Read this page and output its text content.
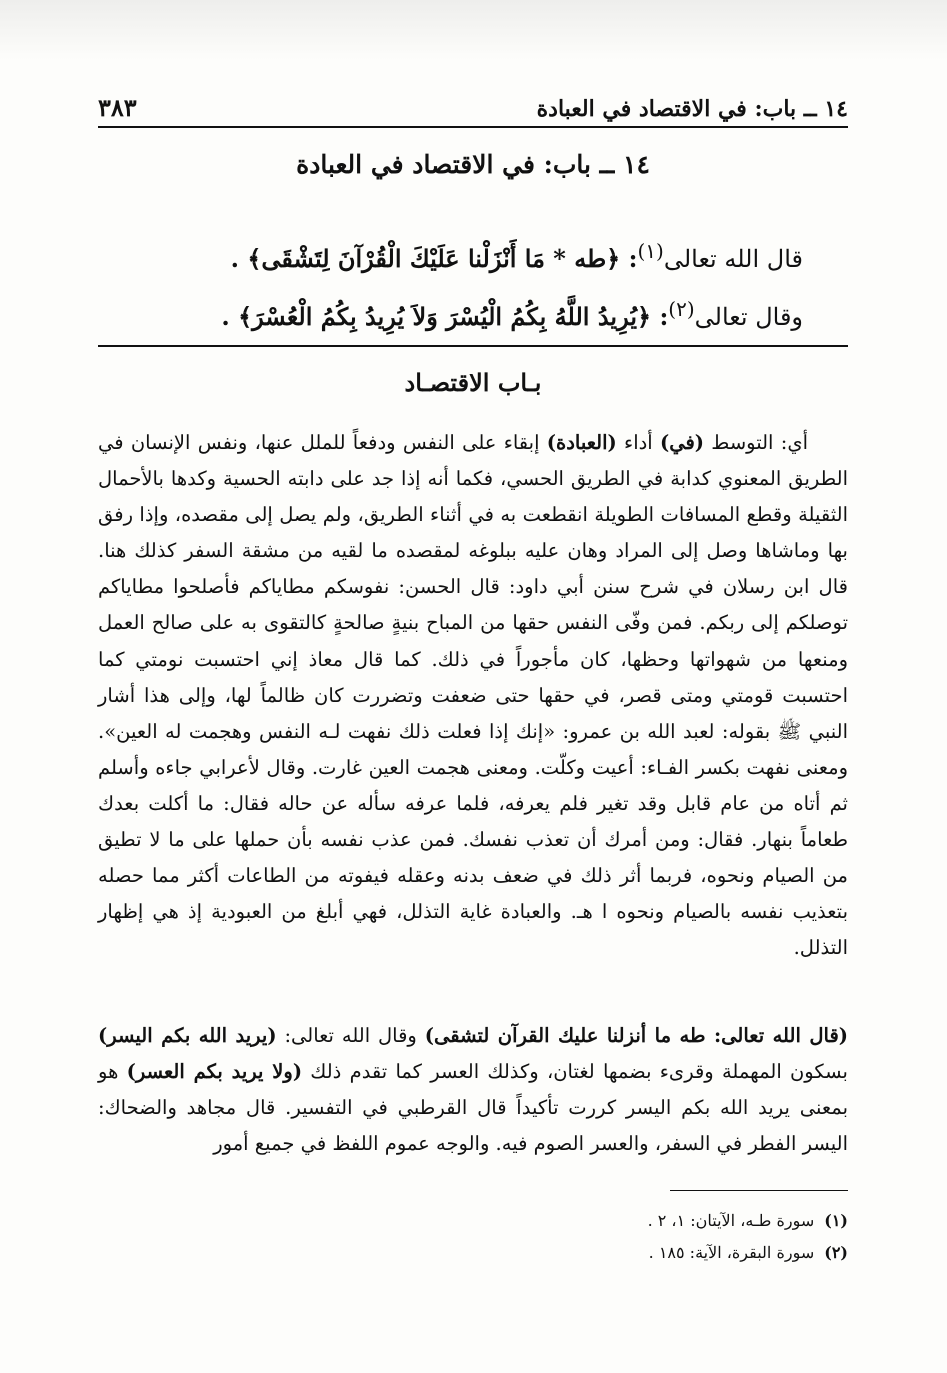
١٤ ــ باب: في الاقتصاد في العبادة
٣٨٣
١٤ ــ باب: في الاقتصاد في العبادة
قال الله تعالى$^{(١)}$: ﴿طه * مَا أَنْزَلْنا عَلَيْكَ الْقُرْآنَ لِتَشْقَى﴾ .
وقال تعالى$^{(٢)}$: ﴿يُرِيدُ اللَّهُ بِكُمُ الْيُسْرَ وَلاَ يُرِيدُ بِكُمُ الْعُسْرَ﴾ .
بـاب الاقتصـاد

أي: التوسط (في) أداء (العبادة) إبقاء على النفس ودفعاً للملل عنها، ونفس الإنسان في الطريق المعنوي كدابة في الطريق الحسي، فكما أنه إذا جد على دابته الحسية وكدها بالأحمال الثقيلة وقطع المسافات الطويلة انقطعت به في أثناء الطريق، ولم يصل إلى مقصده، وإذا رفق بها وماشاها وصل إلى المراد وهان عليه ببلوغه لمقصده ما لقيه من مشقة السفر كذلك هنا. قال ابن رسلان في شرح سنن أبي داود: قال الحسن: نفوسكم مطاياكم فأصلحوا مطاياكم توصلكم إلى ربكم. فمن وفّى النفس حقها من المباح بنيةٍ صالحةٍ كالتقوى به على صالح العمل ومنعها من شهواتها وحظها، كان مأجوراً في ذلك. كما قال معاذ إني احتسبت نومتي كما احتسبت قومتي ومتى قصر، في حقها حتى ضعفت وتضررت كان ظالماً لها، وإلى هذا أشار النبي ﷺ بقوله: لعبد الله بن عمرو: «إنك إذا فعلت ذلك نفهت لـه النفس وهجمت له العين». ومعنى نفهت بكسر الفـاء: أعيت وكلّت. ومعنى هجمت العين غارت. وقال لأعرابي جاءه وأسلم ثم أتاه من عام قابل وقد تغير فلم يعرفه، فلما عرفه سأله عن حاله فقال: ما أكلت بعدك طعاماً بنهار. فقال: ومن أمرك أن تعذب نفسك. فمن عذب نفسه بأن حملها على ما لا تطيق من الصيام ونحوه، فربما أثر ذلك في ضعف بدنه وعقله فيفوته من الطاعات أكثر مما حصله بتعذيب نفسه بالصيام ونحوه ا هـ. والعبادة غاية التذلل، فهي أبلغ من العبودية إذ هي إظهار التذلل.

(قال الله تعالى: طه ما أنزلنا عليك القرآن لتشقى) وقال الله تعالى: (يريد الله بكم اليسر) بسكون المهملة وقرىء بضمها لغتان، وكذلك العسر كما تقدم ذلك (ولا يريد بكم العسر) هو بمعنى يريد الله بكم اليسر كررت تأكيداً قال القرطبي في التفسير. قال مجاهد والضحاك: اليسر الفطر في السفر، والعسر الصوم فيه. والوجه عموم اللفظ في جميع أمور

(١)سورة طـه، الآيتان: ١، ٢ .
(٢)سورة البقرة، الآية: ١٨٥ .
